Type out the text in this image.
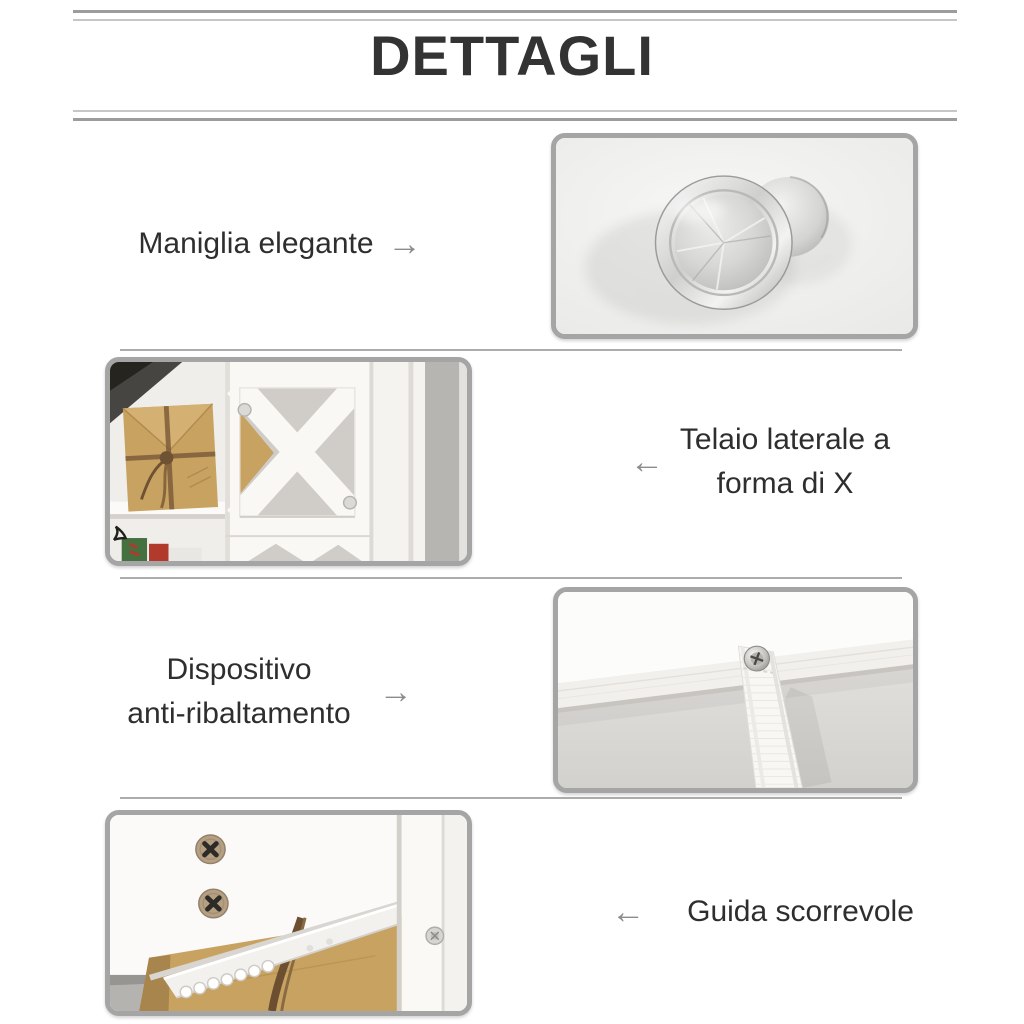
DETTAGLI
Maniglia elegante →
←
Telaio laterale a
forma di X
Dispositivo
anti-ribaltamento
→
← Guida scorrevole
